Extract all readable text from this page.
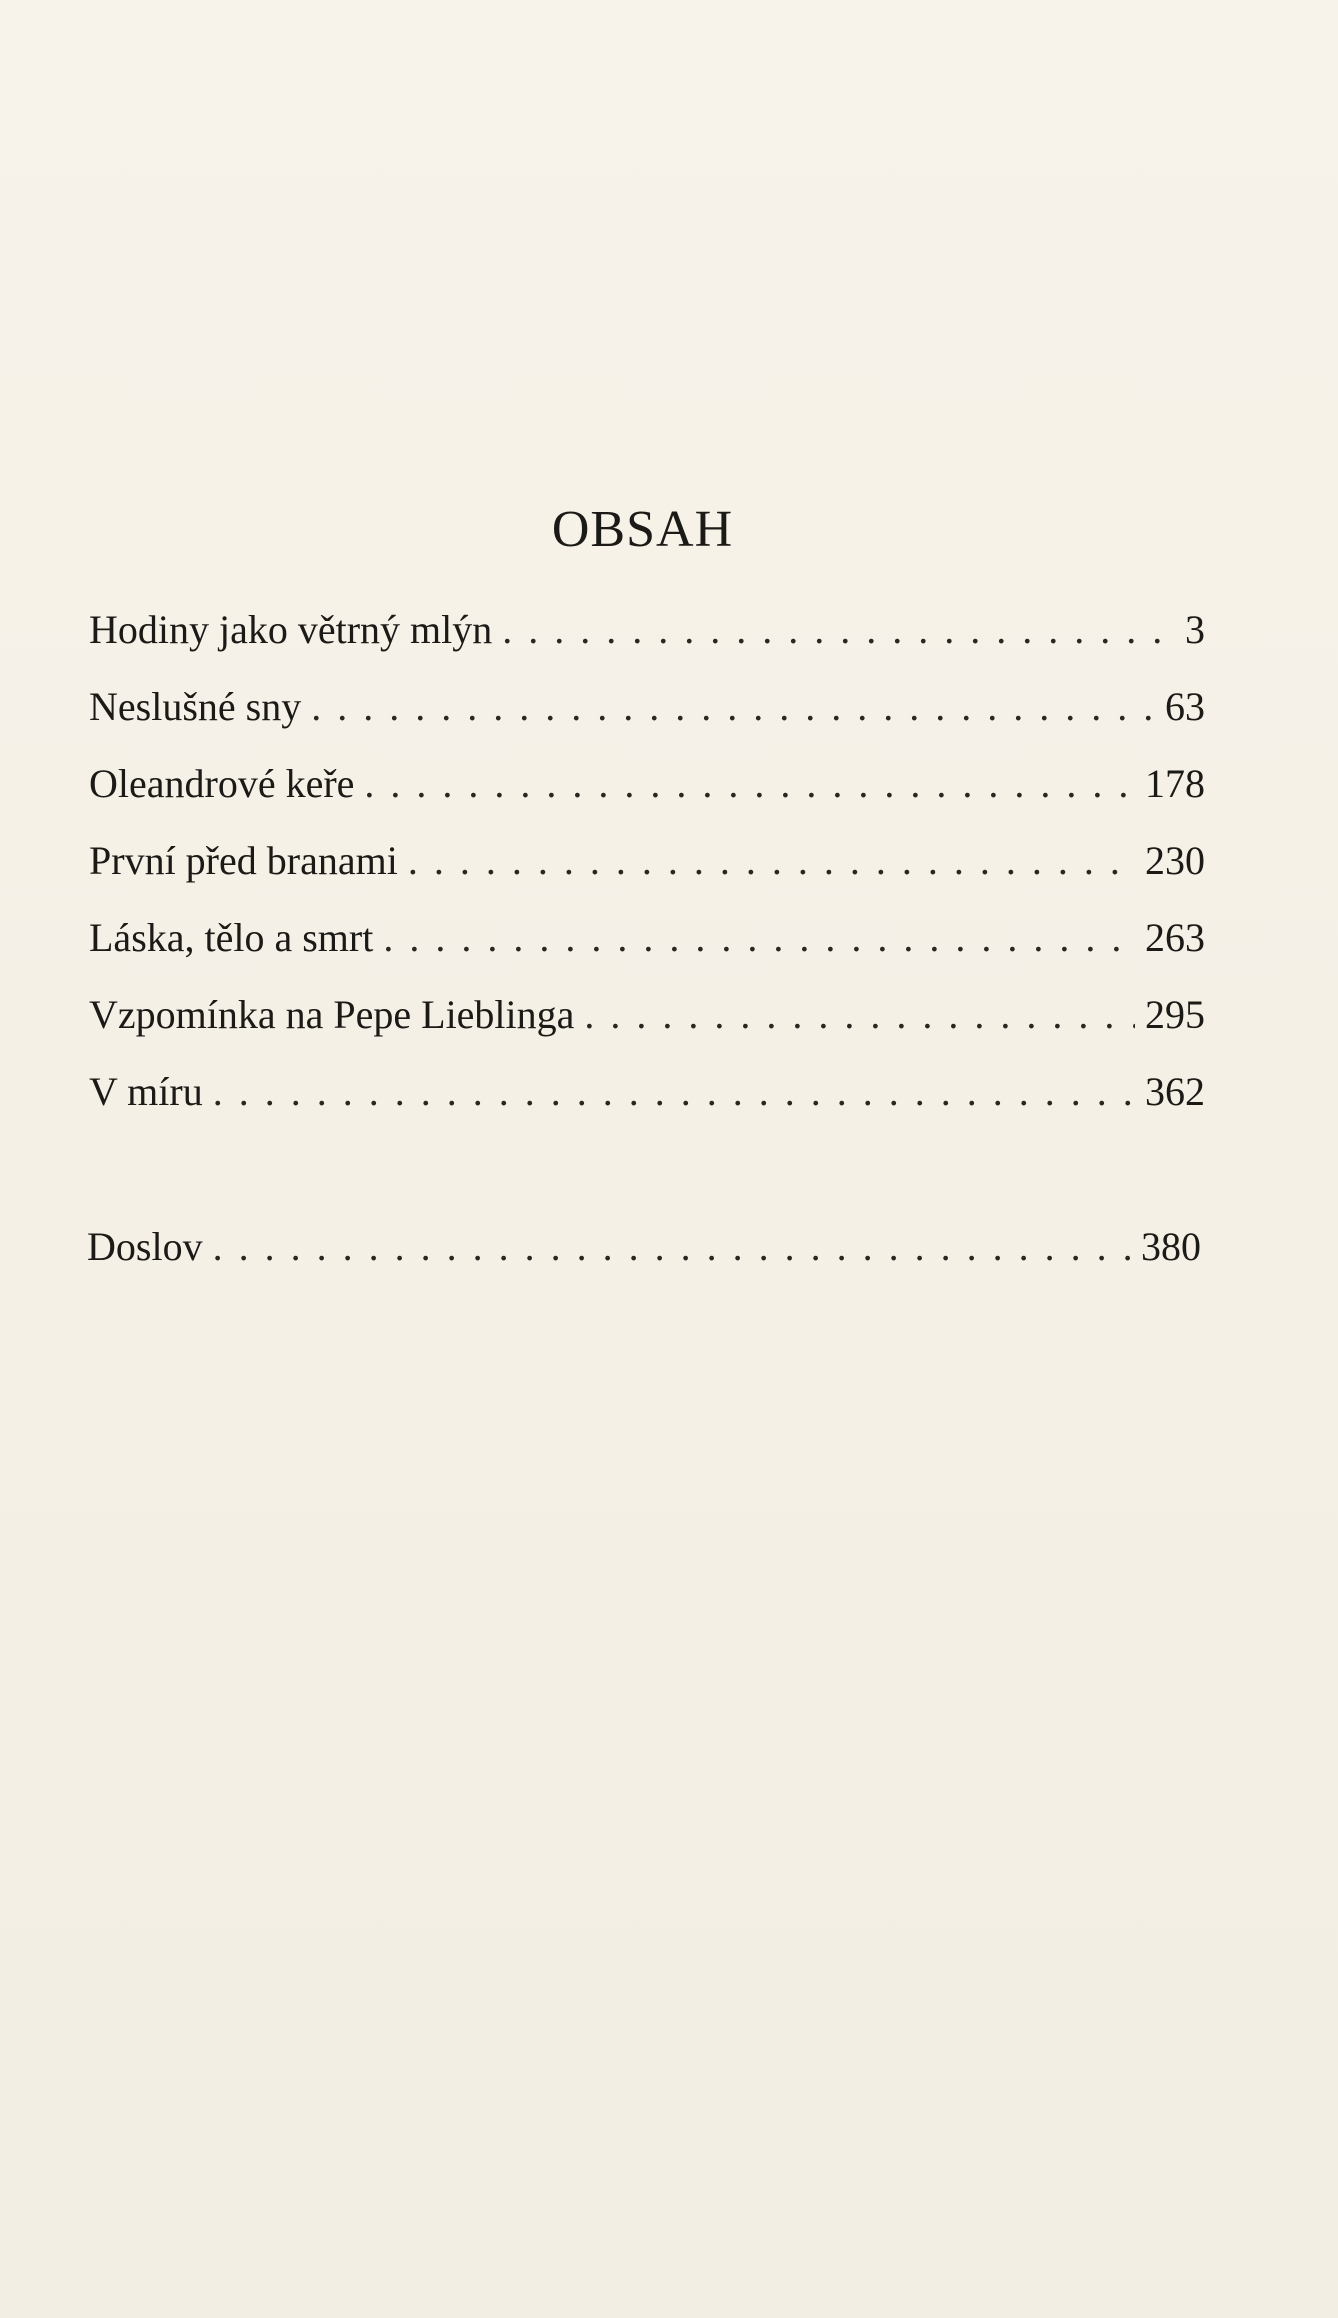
OBSAH
Hodiny jako větrný mlýn . . .	3
Neslušné sny . . .	63
Oleandrové keře . . .	178
První před branami . . .	230
Láska, tělo a smrt . . .	263
Vzpomínka na Pepe Lieblinga . . .	295
V míru . . .	362
Doslov . . .	380
